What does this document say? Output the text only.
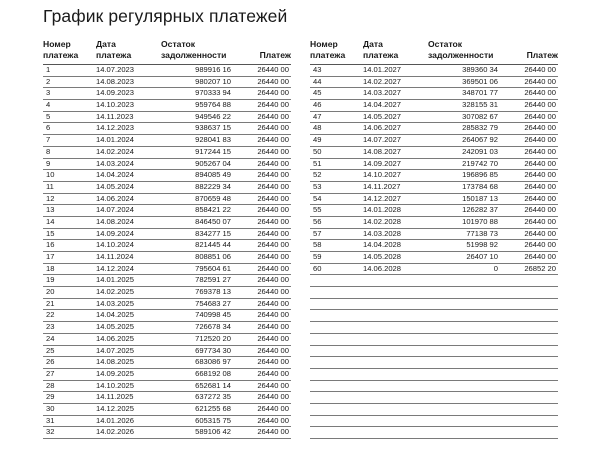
График регулярных платежей
Номер
платежа
Дата
платежа
Остаток
задолженности	Платеж
1	14.07.2023	989916 16	26440 00
2	14.08.2023	980207 10	26440 00
3	14.09.2023	970333 94	26440 00
4	14.10.2023	959764 88	26440 00
5	14.11.2023	949546 22	26440 00
6	14.12.2023	938637 15	26440 00
7	14.01.2024	928041 83	26440 00
8	14.02.2024	917244 15	26440 00
9	14.03.2024	905267 04	26440 00
10	14.04.2024	894085 49	26440 00
11	14.05.2024	882229 34	26440 00
12	14.06.2024	870659 48	26440 00
13	14.07.2024	858421 22	26440 00
14	14.08.2024	846450 07	26440 00
15	14.09.2024	834277 15	26440 00
16	14.10.2024	821445 44	26440 00
17	14.11.2024	808851 06	26440 00
18	14.12.2024	795604 61	26440 00
19	14.01.2025	782591 27	26440 00
20	14.02.2025	769378 13	26440 00
21	14.03.2025	754683 27	26440 00
22	14.04.2025	740998 45	26440 00
23	14.05.2025	726678 34	26440 00
24	14.06.2025	712520 20	26440 00
25	14.07.2025	697734 30	26440 00
26	14.08.2025	683086 97	26440 00
27	14.09.2025	668192 08	26440 00
28	14.10.2025	652681 14	26440 00
29	14.11.2025	637272 35	26440 00
30	14.12.2025	621255 68	26440 00
31	14.01.2026	605315 75	26440 00
32	14.02.2026	589106 42	26440 00
Номер
платежа
Дата
платежа
Остаток
задолженности	Платеж
43	14.01.2027	389360 34	26440 00
44	14.02.2027	369501 06	26440 00
45	14.03.2027	348701 77	26440 00
46	14.04.2027	328155 31	26440 00
47	14.05.2027	307082 67	26440 00
48	14.06.2027	285832 79	26440 00
49	14.07.2027	264067 92	26440 00
50	14.08.2027	242091 03	26440 00
51	14.09.2027	219742 70	26440 00
52	14.10.2027	196896 85	26440 00
53	14.11.2027	173784 68	26440 00
54	14.12.2027	150187 13	26440 00
55	14.01.2028	126282 37	26440 00
56	14.02.2028	101970 88	26440 00
57	14.03.2028	77138 73	26440 00
58	14.04.2028	51998 92	26440 00
59	14.05.2028	26407 10	26440 00
60	14.06.2028	0	26852 20
